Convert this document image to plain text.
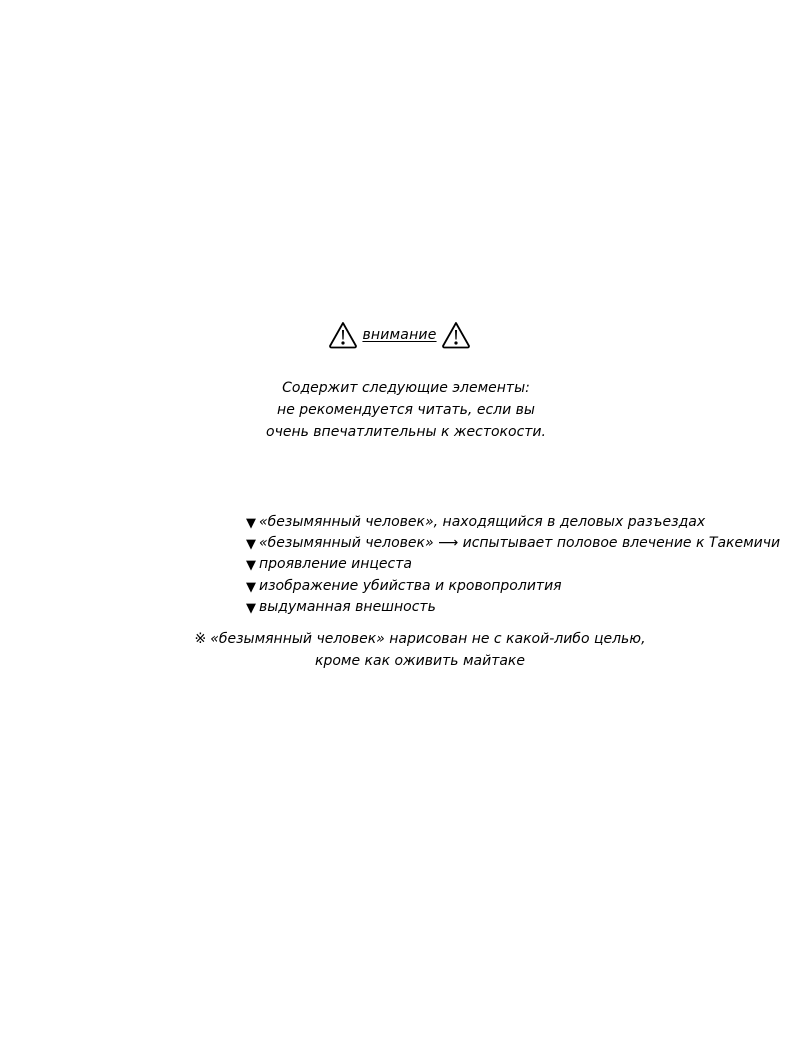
внимание
Содержит следующие элементы:
не рекомендуется читать, если вы
очень впечатлительны к жестокости.
▼ «безымянный человек», находящийся в деловых разъездах
▼ «безымянный человек» ⟶ испытывает половое влечение к Такемичи
▼ проявление инцеста
▼ изображение убийства и кровопролития
▼ выдуманная внешность
※ «безымянный человек» нарисован не с какой-либо целью,
кроме как оживить майтаке
